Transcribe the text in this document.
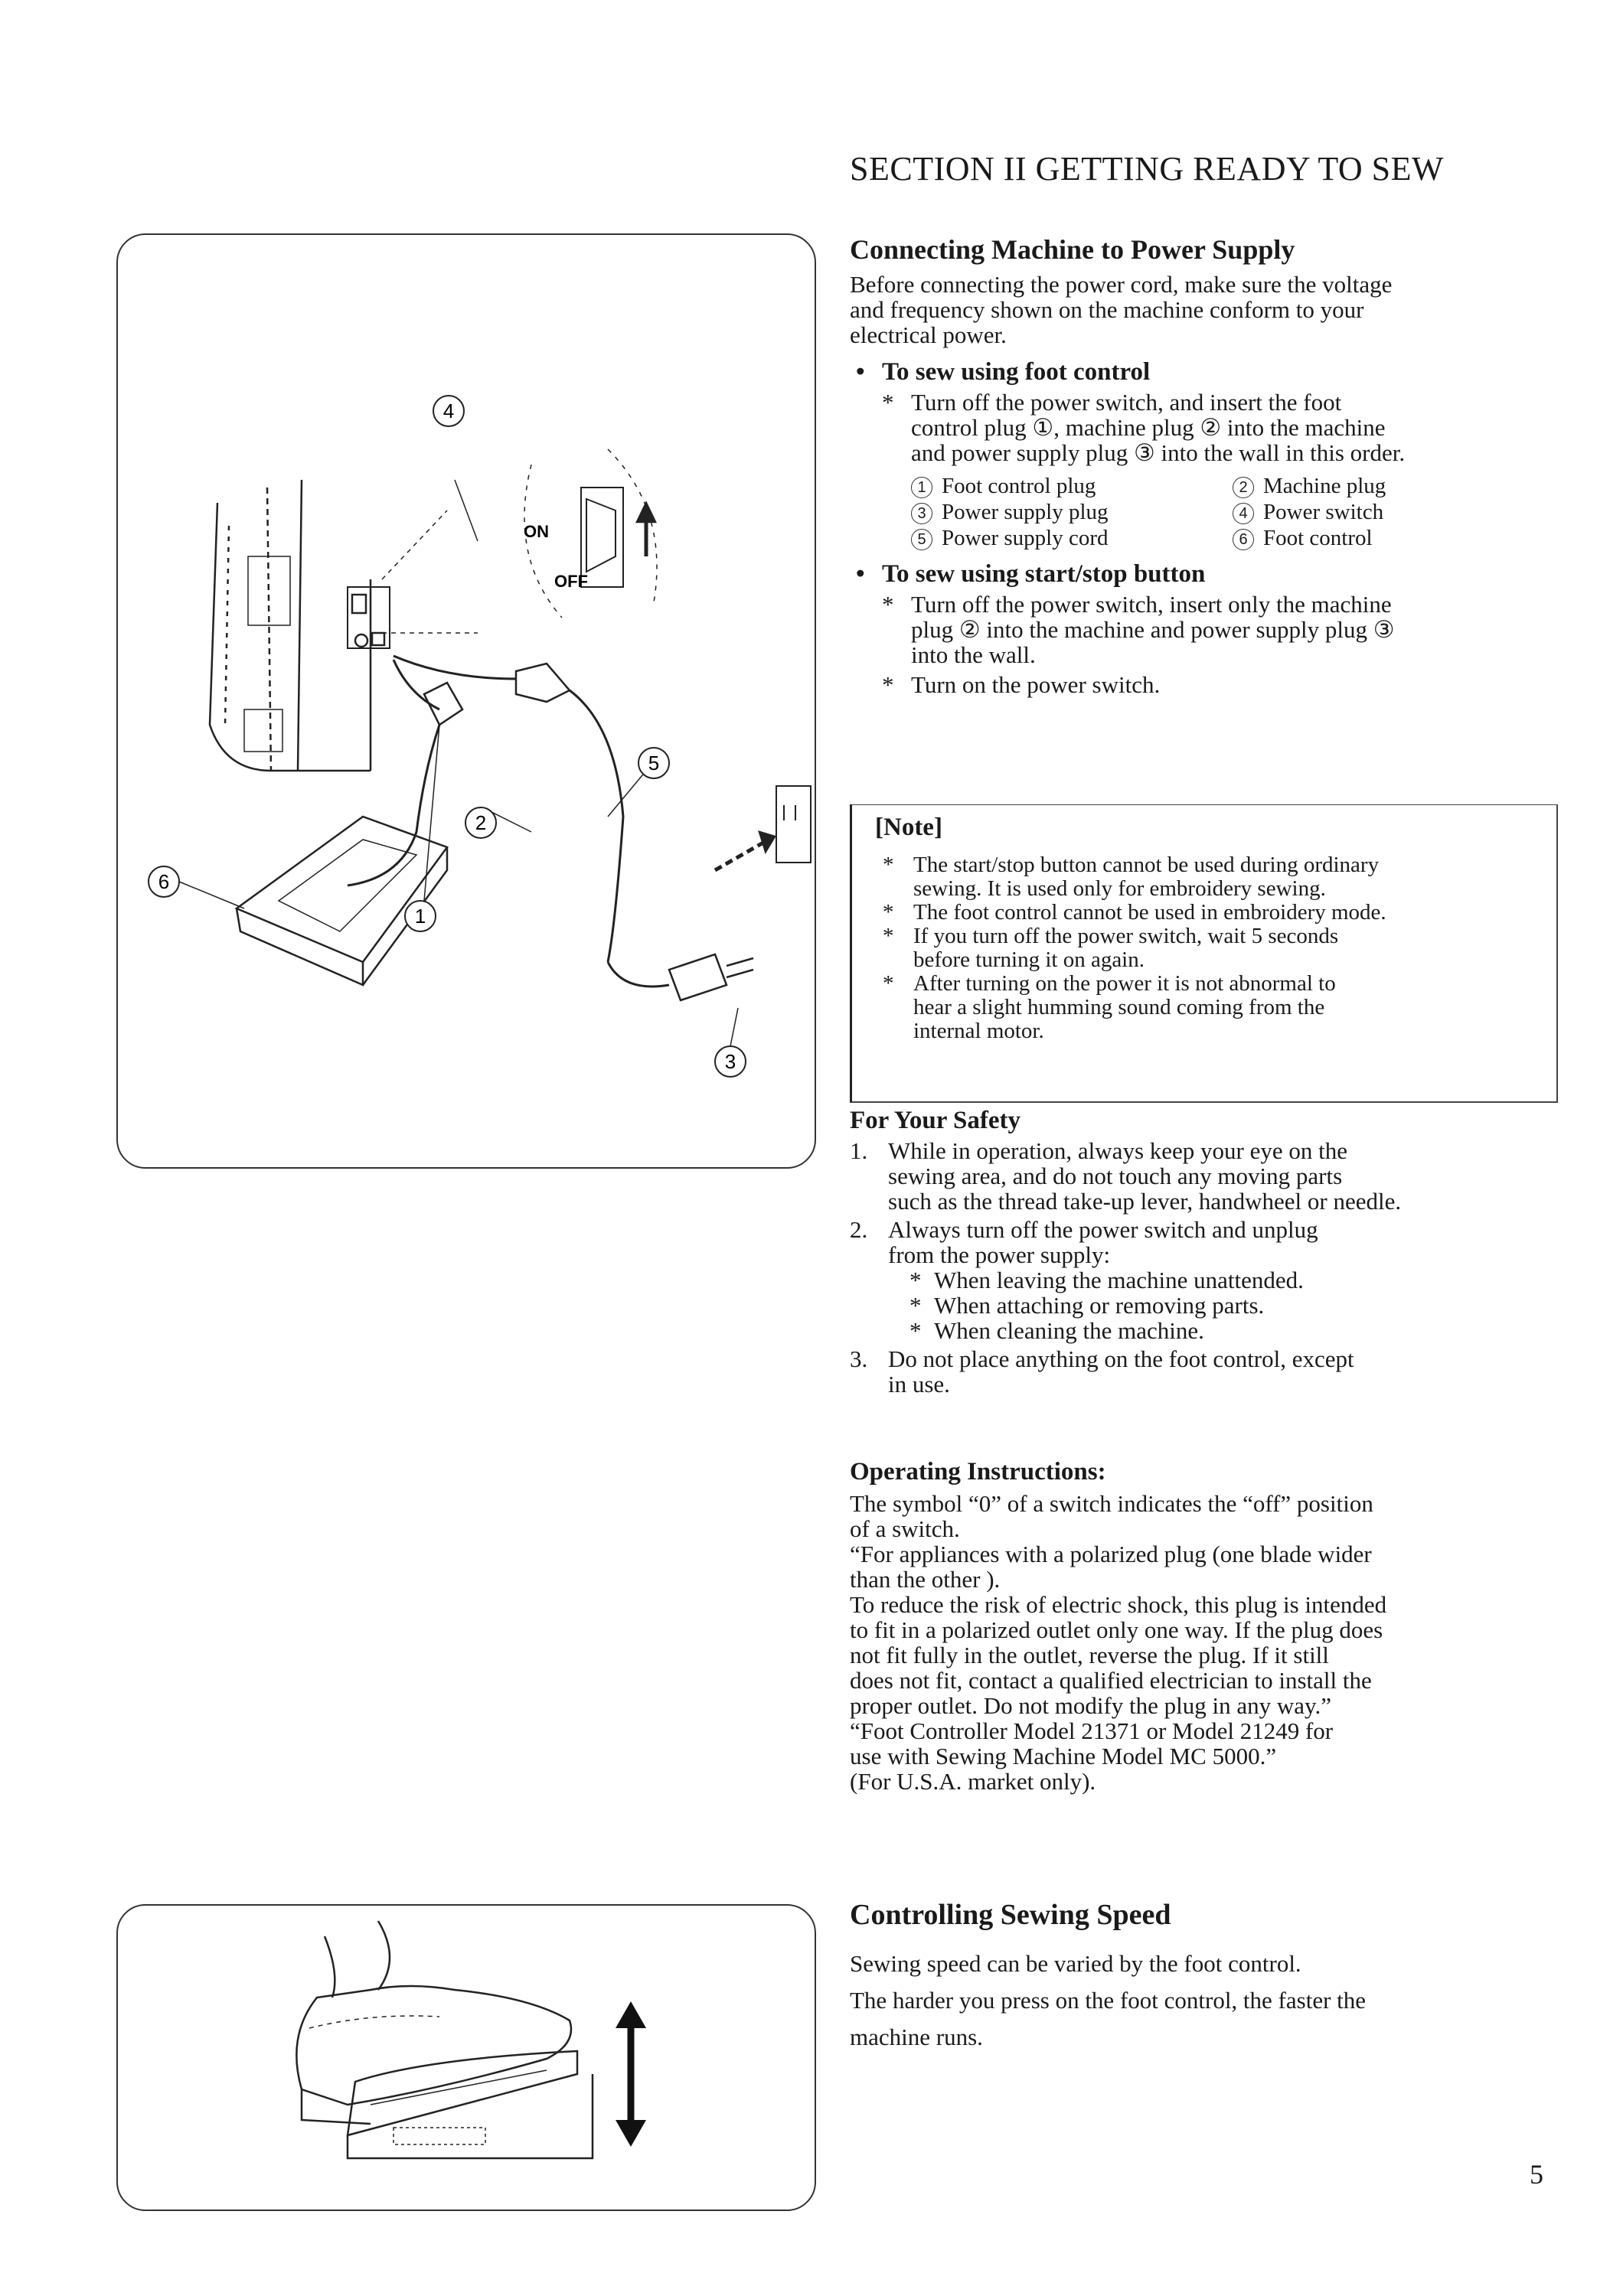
SECTION II GETTING READY TO SEW
ON
OFF
4
2
5
1
6
3
Connecting Machine to Power Supply

Before connecting the power cord, make sure the voltage

and frequency shown on the machine conform to your

electrical power.

• To sew using foot control

* Turn off the power switch, and insert the foot
control plug ①, machine plug ② into the machine
and power supply plug ③ into the wall in this order.
1 Foot control plug	2 Machine plug
3 Power supply plug	4 Power switch
5 Power supply cord	6 Foot control

• To sew using start/stop button

* Turn off the power switch, insert only the machine
plug ② into the machine and power supply plug ③
into the wall.
* Turn on the power switch.
[Note]
* The start/stop button cannot be used during ordinary
sewing. It is used only for embroidery sewing.
* The foot control cannot be used in embroidery mode.
* If you turn off the power switch, wait 5 seconds
before turning it on again.
* After turning on the power it is not abnormal to
hear a slight humming sound coming from the
internal motor.
For Your Safety
1. While in operation, always keep your eye on the
sewing area, and do not touch any moving parts
such as the thread take-up lever, handwheel or needle.
2. Always turn off the power switch and unplug
from the power supply:
* When leaving the machine unattended.
* When attaching or removing parts.
* When cleaning the machine.
3. Do not place anything on the foot control, except
in use.
Operating Instructions:

The symbol “0” of a switch indicates the “off” position

of a switch.

“For appliances with a polarized plug (one blade wider

than the other ).

To reduce the risk of electric shock, this plug is intended

to fit in a polarized outlet only one way. If the plug does

not fit fully in the outlet, reverse the plug. If it still

does not fit, contact a qualified electrician to install the

proper outlet. Do not modify the plug in any way.”

“Foot Controller Model 21371 or Model 21249 for

use with Sewing Machine Model MC 5000.”

(For U.S.A. market only).

Controlling Sewing Speed

Sewing speed can be varied by the foot control.

The harder you press on the foot control, the faster the

machine runs.

5
